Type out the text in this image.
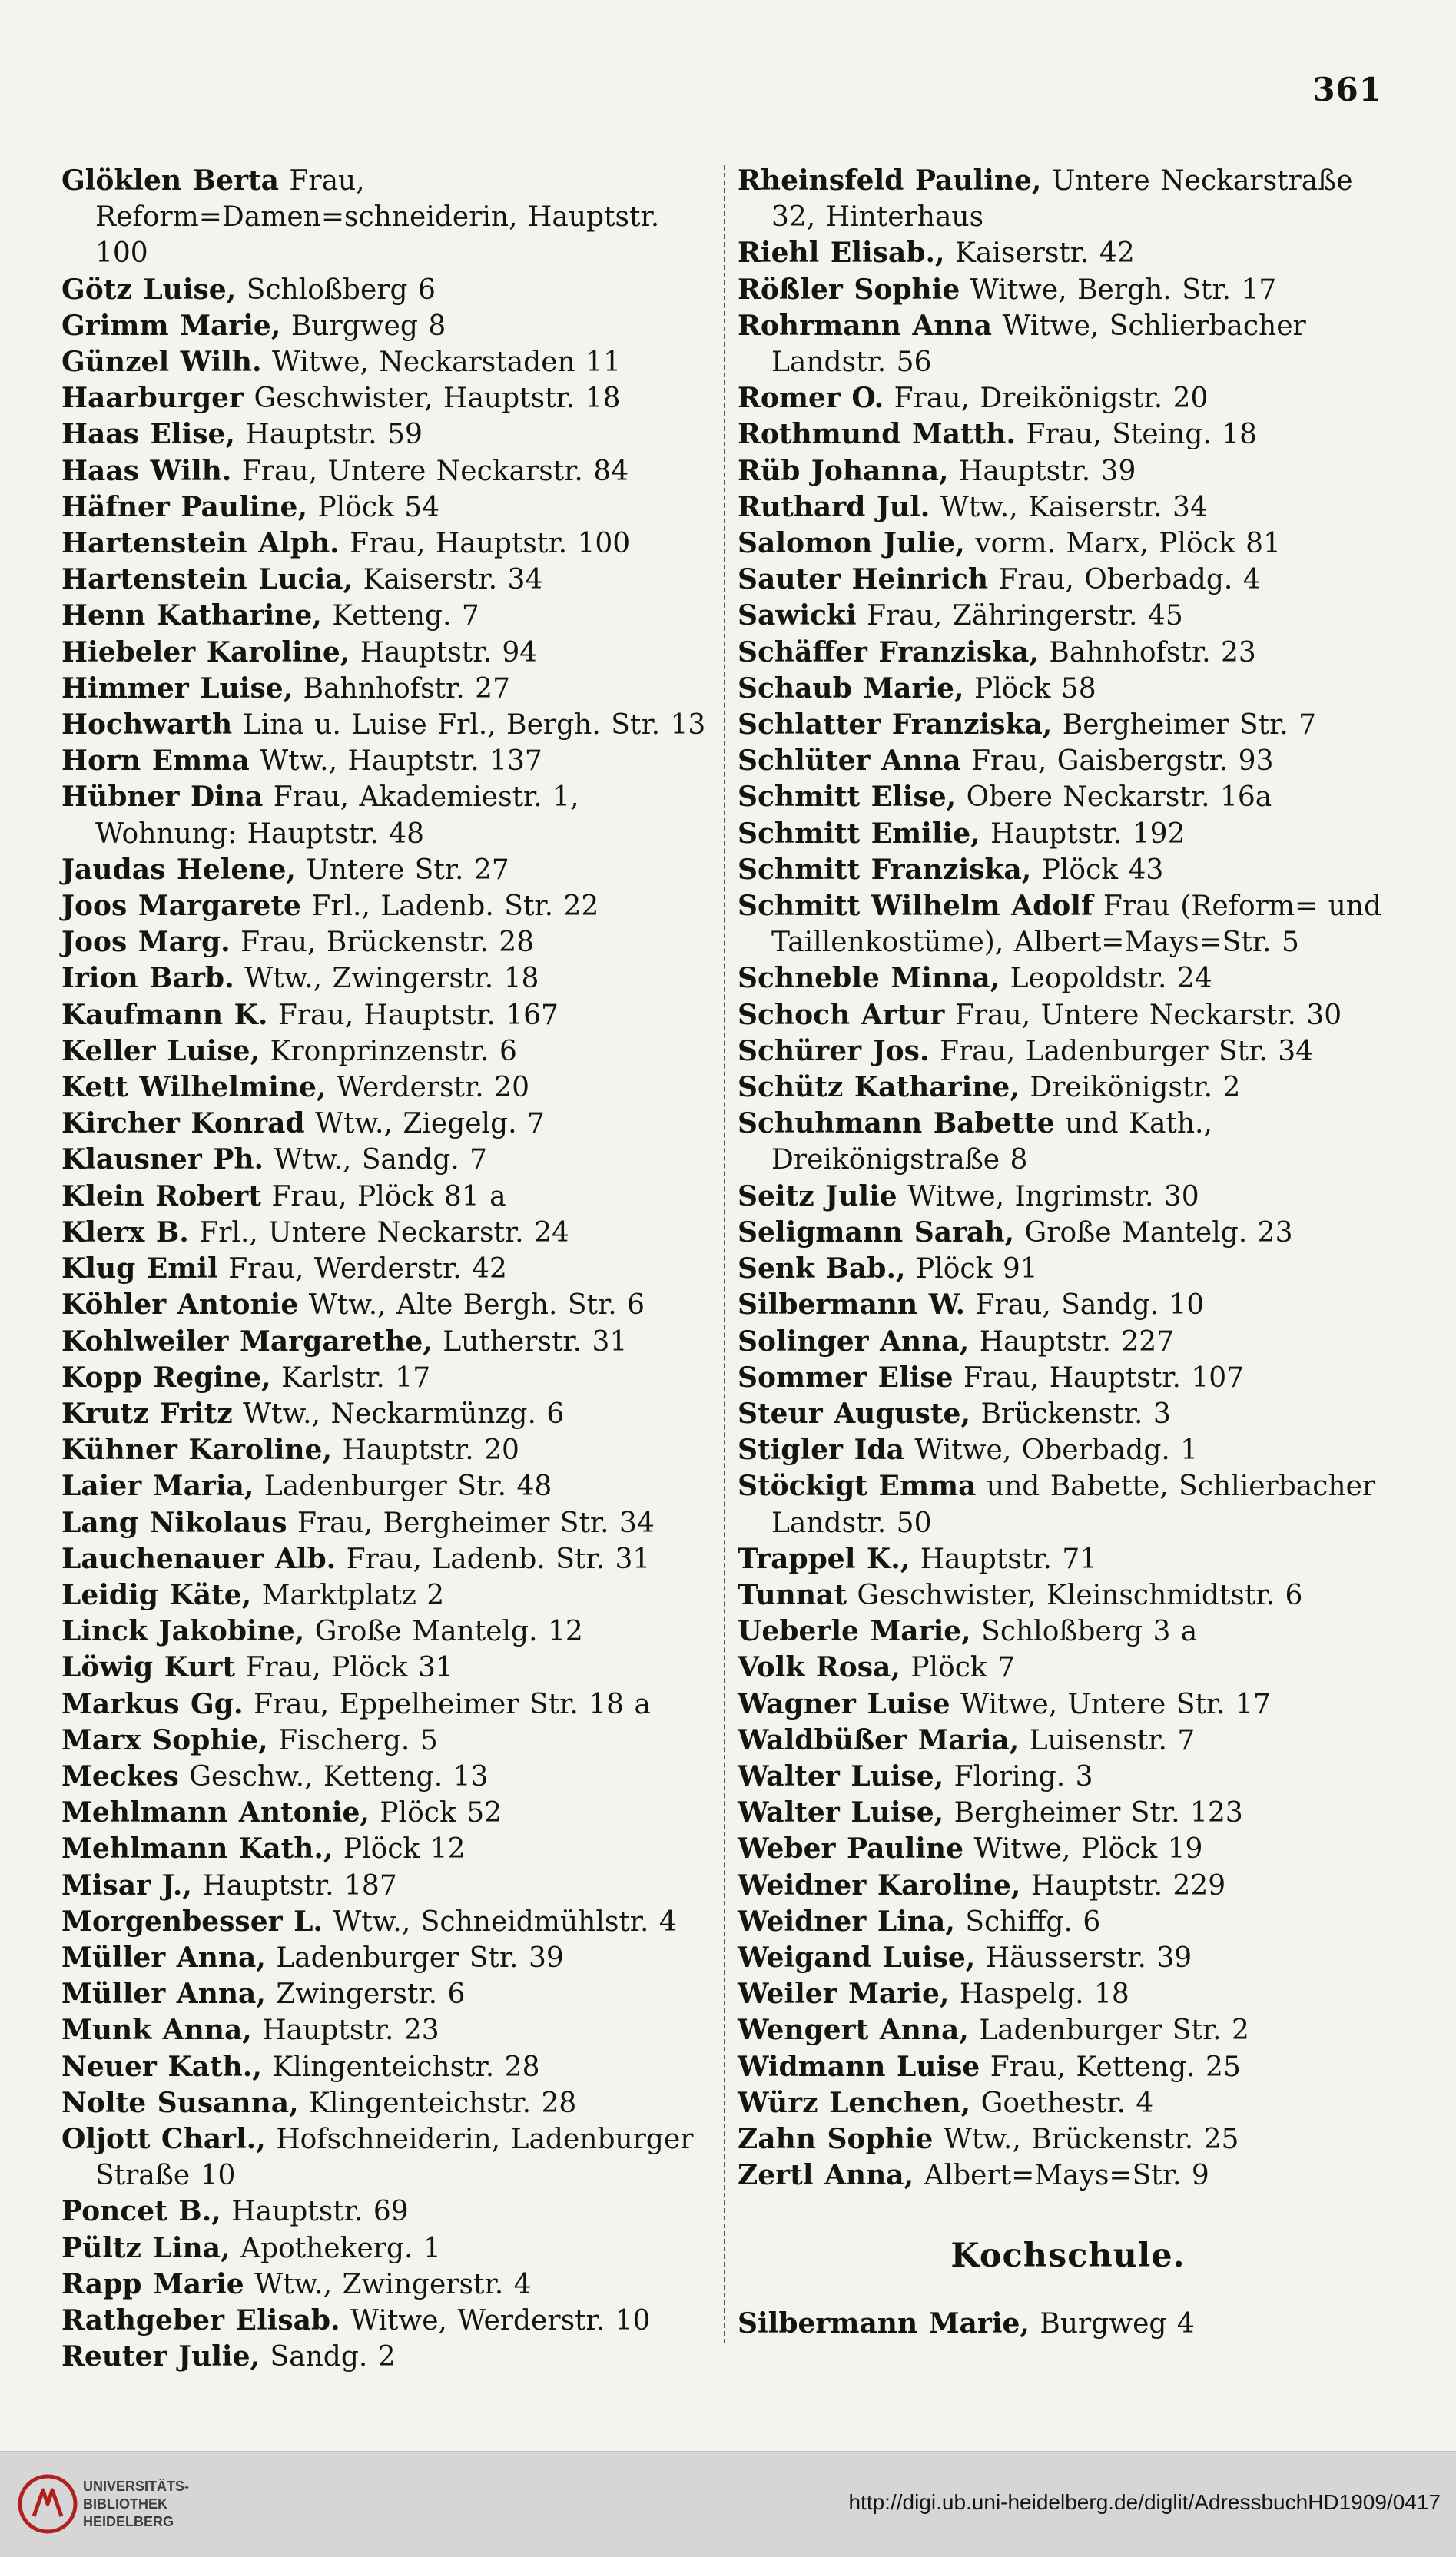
361
Glöklen Berta Frau, Reform=Damen=schneiderin, Hauptstr. 100
Götz Luise, Schloßberg 6
Grimm Marie, Burgweg 8
Günzel Wilh. Witwe, Neckarstaden 11
Haarburger Geschwister, Hauptstr. 18
Haas Elise, Hauptstr. 59
Haas Wilh. Frau, Untere Neckarstr. 84
Häfner Pauline, Plöck 54
Hartenstein Alph. Frau, Hauptstr. 100
Hartenstein Lucia, Kaiserstr. 34
Henn Katharine, Ketteng. 7
Hiebeler Karoline, Hauptstr. 94
Himmer Luise, Bahnhofstr. 27
Hochwarth Lina u. Luise Frl., Bergh. Str. 13
Horn Emma Wtw., Hauptstr. 137
Hübner Dina Frau, Akademiestr. 1, Wohnung: Hauptstr. 48
Jaudas Helene, Untere Str. 27
Joos Margarete Frl., Ladenb. Str. 22
Joos Marg. Frau, Brückenstr. 28
Irion Barb. Wtw., Zwingerstr. 18
Kaufmann K. Frau, Hauptstr. 167
Keller Luise, Kronprinzenstr. 6
Kett Wilhelmine, Werderstr. 20
Kircher Konrad Wtw., Ziegelg. 7
Klausner Ph. Wtw., Sandg. 7
Klein Robert Frau, Plöck 81 a
Klerx B. Frl., Untere Neckarstr. 24
Klug Emil Frau, Werderstr. 42
Köhler Antonie Wtw., Alte Bergh. Str. 6
Kohlweiler Margarethe, Lutherstr. 31
Kopp Regine, Karlstr. 17
Krutz Fritz Wtw., Neckarmünzg. 6
Kühner Karoline, Hauptstr. 20
Laier Maria, Ladenburger Str. 48
Lang Nikolaus Frau, Bergheimer Str. 34
Lauchenauer Alb. Frau, Ladenb. Str. 31
Leidig Käte, Marktplatz 2
Linck Jakobine, Große Mantelg. 12
Löwig Kurt Frau, Plöck 31
Markus Gg. Frau, Eppelheimer Str. 18 a
Marx Sophie, Fischerg. 5
Meckes Geschw., Ketteng. 13
Mehlmann Antonie, Plöck 52
Mehlmann Kath., Plöck 12
Misar J., Hauptstr. 187
Morgenbesser L. Wtw., Schneidmühlstr. 4
Müller Anna, Ladenburger Str. 39
Müller Anna, Zwingerstr. 6
Munk Anna, Hauptstr. 23
Neuer Kath., Klingenteichstr. 28
Nolte Susanna, Klingenteichstr. 28
Oljott Charl., Hofschneiderin, Ladenburger Straße 10
Poncet B., Hauptstr. 69
Pültz Lina, Apothekerg. 1
Rapp Marie Wtw., Zwingerstr. 4
Rathgeber Elisab. Witwe, Werderstr. 10
Reuter Julie, Sandg. 2
Rheinsfeld Pauline, Untere Neckarstraße 32, Hinterhaus
Riehl Elisab., Kaiserstr. 42
Rößler Sophie Witwe, Bergh. Str. 17
Rohrmann Anna Witwe, Schlierbacher Landstr. 56
Romer O. Frau, Dreikönigstr. 20
Rothmund Matth. Frau, Steing. 18
Rüb Johanna, Hauptstr. 39
Ruthard Jul. Wtw., Kaiserstr. 34
Salomon Julie, vorm. Marx, Plöck 81
Sauter Heinrich Frau, Oberbadg. 4
Sawicki Frau, Zähringerstr. 45
Schäffer Franziska, Bahnhofstr. 23
Schaub Marie, Plöck 58
Schlatter Franziska, Bergheimer Str. 7
Schlüter Anna Frau, Gaisbergstr. 93
Schmitt Elise, Obere Neckarstr. 16a
Schmitt Emilie, Hauptstr. 192
Schmitt Franziska, Plöck 43
Schmitt Wilhelm Adolf Frau (Reform= und Taillenkostüme), Albert=Mays=Str. 5
Schneble Minna, Leopoldstr. 24
Schoch Artur Frau, Untere Neckarstr. 30
Schürer Jos. Frau, Ladenburger Str. 34
Schütz Katharine, Dreikönigstr. 2
Schuhmann Babette und Kath., Dreikönigstraße 8
Seitz Julie Witwe, Ingrimstr. 30
Seligmann Sarah, Große Mantelg. 23
Senk Bab., Plöck 91
Silbermann W. Frau, Sandg. 10
Solinger Anna, Hauptstr. 227
Sommer Elise Frau, Hauptstr. 107
Steur Auguste, Brückenstr. 3
Stigler Ida Witwe, Oberbadg. 1
Stöckigt Emma und Babette, Schlierbacher Landstr. 50
Trappel K., Hauptstr. 71
Tunnat Geschwister, Kleinschmidtstr. 6
Ueberle Marie, Schloßberg 3 a
Volk Rosa, Plöck 7
Wagner Luise Witwe, Untere Str. 17
Waldbüßer Maria, Luisenstr. 7
Walter Luise, Floring. 3
Walter Luise, Bergheimer Str. 123
Weber Pauline Witwe, Plöck 19
Weidner Karoline, Hauptstr. 229
Weidner Lina, Schiffg. 6
Weigand Luise, Häusserstr. 39
Weiler Marie, Haspelg. 18
Wengert Anna, Ladenburger Str. 2
Widmann Luise Frau, Ketteng. 25
Würz Lenchen, Goethestr. 4
Zahn Sophie Wtw., Brückenstr. 25
Zertl Anna, Albert=Mays=Str. 9
Kochschule.
Silbermann Marie, Burgweg 4
UNIVERSITÄTS-
BIBLIOTHEK
HEIDELBERG
http://digi.ub.uni-heidelberg.de/diglit/AdressbuchHD1909/0417
